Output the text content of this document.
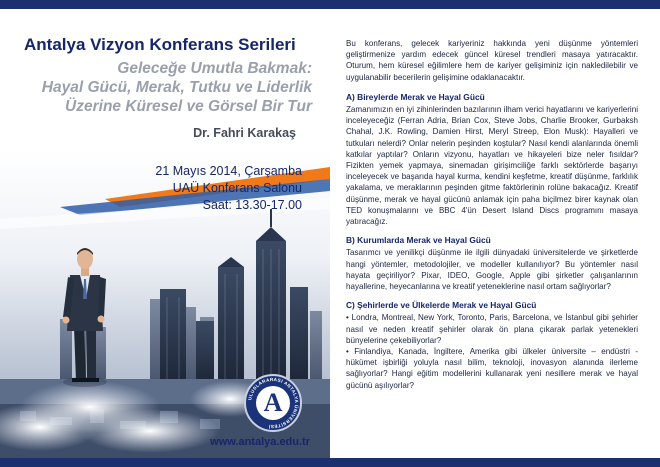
Antalya Vizyon Konferans Serileri
Geleceğe Umutla Bakmak:
Hayal Gücü, Merak, Tutku ve Liderlik
Üzerine Küresel ve Görsel Bir Tur
Dr. Fahri Karakaş
21 Mayıs 2014, Çarşamba
UAÜ Konferans Salonu
Saat: 13.30-17.00
ULUSLARARASI ANTALYA ÜNİVERSİTESİ
A
www.antalya.edu.tr

Bu konferans, gelecek kariyeriniz hakkında yeni düşünme yöntemleri geliştirmenize yardım edecek güncel küresel trendleri masaya yatıracaktır. Oturum, hem küresel eğilimlere hem de kariyer gelişiminiz için nakledilebilir ve uygulanabilir becerilerin gelişimine odaklanacaktır.

A) Bireylerde Merak ve Hayal Gücü

Zamanımızın en iyi zihinlerinden bazılarının ilham verici hayatlarını ve kariyerlerini inceleyeceğiz (Ferran Adria, Brian Cox, Steve Jobs, Charlie Brooker, Gurbaksh Chahal, J.K. Rowling, Damien Hirst, Meryl Streep, Elon Musk): Hayalleri ve tutkuları nelerdi? Onlar nelerin peşinden koştular? Nasıl kendi alanlarında önemli katkılar yaptılar? Onların vizyonu, hayatları ve hikayeleri bize neler fısıldar? Fizikten yemek yapmaya, sinemadan girişimciliğe farklı sektörlerde başarıyı inceleyecek ve başarıda hayal kurma, kendini keşfetme, kreatif düşünme, farklılık yakalama, ve meraklarının peşinden gitme faktörlerinin rolüne bakacağız. Kreatif düşünme, merak ve hayal gücünü anlamak için paha biçilmez birer kaynak olan TED konuşmalarını ve BBC 4'ün Desert Island Discs programını masaya yatıracağız.

B) Kurumlarda Merak ve Hayal Gücü

Tasarımcı ve yenilikçi düşünme ile ilgili dünyadaki üniversitelerde ve şirketlerde hangi yöntemler, metodolojiler, ve modeller kullanılıyor? Bu yöntemler nasıl hayata geçiriliyor? Pixar, IDEO, Google, Apple gibi şirketler çalışanlarının hayallerine, heyecanlarına ve kreatif yeteneklerine nasıl ortam sağlıyorlar?

C) Şehirlerde ve Ülkelerde Merak ve Hayal Gücü

• Londra, Montreal, New York, Toronto, Paris, Barcelona, ve İstanbul gibi şehirler nasıl ve neden kreatif şehirler olarak ön plana çıkarak parlak yetenekleri bünyelerine çekebiliyorlar?

• Finlandiya, Kanada, İngiltere, Amerika gibi ülkeler üniversite – endüstri - hükümet işbirliği yoluyla nasıl bilim, teknoloji, inovasyon alanında ilerleme sağlıyorlar? Hangi eğitim modellerini kullanarak yeni nesillere merak ve hayal gücünü aşılıyorlar?
